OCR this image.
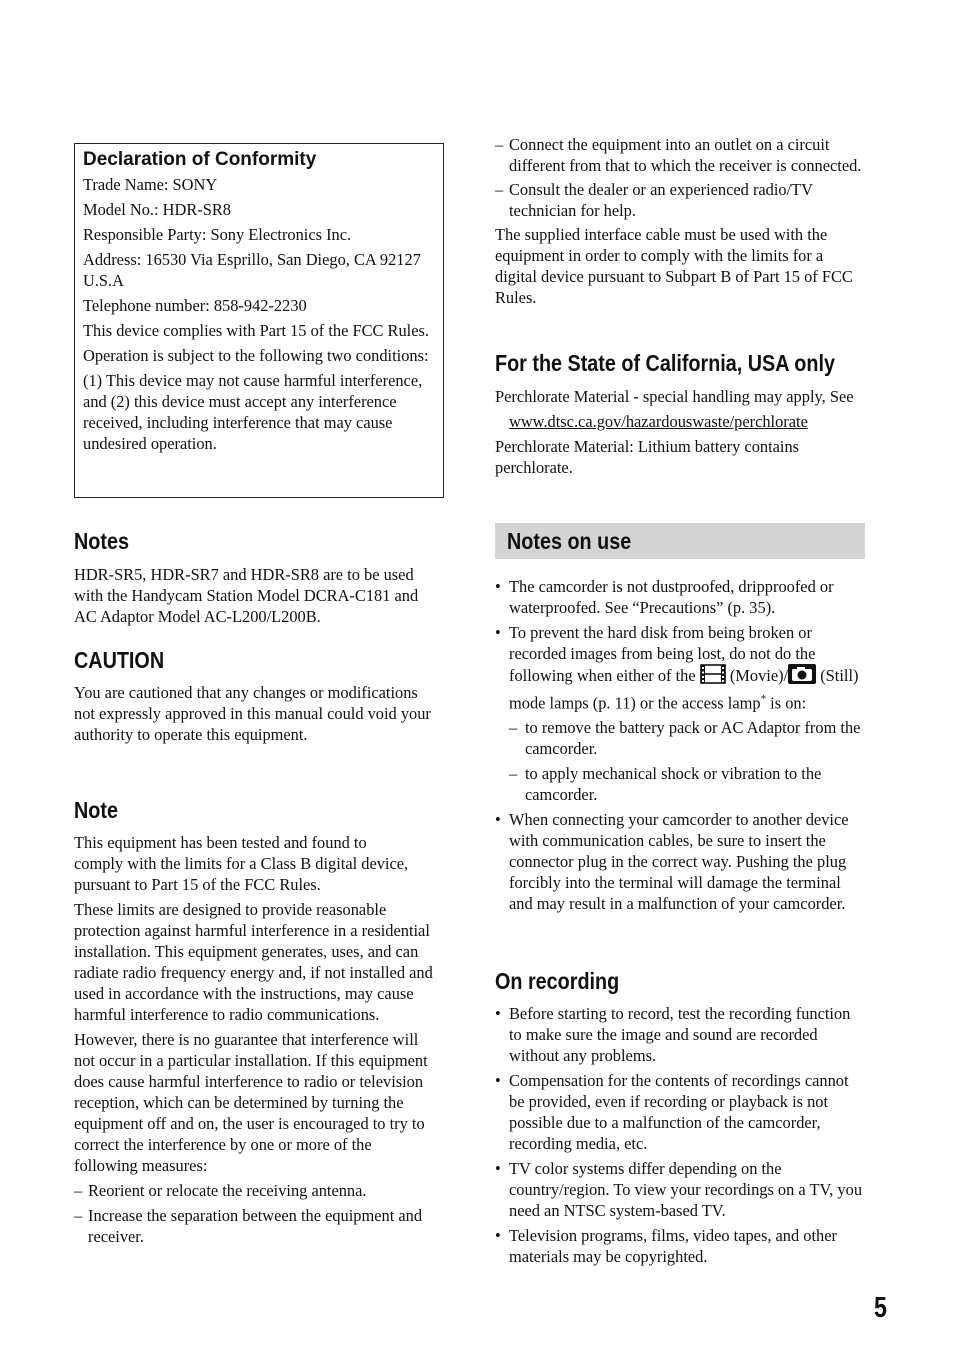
Declaration of Conformity

Trade Name: SONY

Model No.: HDR-SR8

Responsible Party: Sony Electronics Inc.

Address: 16530 Via Esprillo, San Diego, CA 92127 U.S.A

Telephone number: 858-942-2230

This device complies with Part 15 of the FCC Rules.

Operation is subject to the following two conditions:

(1) This device may not cause harmful interference, and (2) this device must accept any interference received, including interference that may cause undesired operation.

Notes

HDR-SR5, HDR-SR7 and HDR-SR8 are to be used with the Handycam Station Model DCRA-C181 and AC Adaptor Model AC-L200/L200B.

CAUTION

You are cautioned that any changes or modifications not expressly approved in this manual could void your authority to operate this equipment.

Note

This equipment has been tested and found to comply with the limits for a Class B digital device, pursuant to Part 15 of the FCC Rules.

These limits are designed to provide reasonable protection against harmful interference in a residential installation. This equipment generates, uses, and can radiate radio frequency energy and, if not installed and used in accordance with the instructions, may cause harmful interference to radio communications.

However, there is no guarantee that interference will not occur in a particular installation. If this equipment does cause harmful interference to radio or television reception, which can be determined by turning the equipment off and on, the user is encouraged to try to correct the interference by one or more of the following measures:

– Reorient or relocate the receiving antenna.

– Increase the separation between the equipment and receiver.

– Connect the equipment into an outlet on a circuit different from that to which the receiver is connected.

– Consult the dealer or an experienced radio/TV technician for help.

The supplied interface cable must be used with the equipment in order to comply with the limits for a digital device pursuant to Subpart B of Part 15 of FCC Rules.

For the State of California, USA only

Perchlorate Material - special handling may apply, See

www.dtsc.ca.gov/hazardouswaste/perchlorate

Perchlorate Material: Lithium battery contains perchlorate.

Notes on use
• The camcorder is not dustproofed, dripproofed or waterproofed. See “Precautions” (p. 35).
• To prevent the hard disk from being broken or recorded images from being lost, do not do the following when either of the (Movie)/ (Still) mode lamps (p. 11) or the access lamp* is on:
– to remove the battery pack or AC Adaptor from the camcorder.
– to apply mechanical shock or vibration to the camcorder.
• When connecting your camcorder to another device with communication cables, be sure to insert the connector plug in the correct way. Pushing the plug forcibly into the terminal will damage the terminal and may result in a malfunction of your camcorder.
On recording
• Before starting to record, test the recording function to make sure the image and sound are recorded without any problems.
• Compensation for the contents of recordings cannot be provided, even if recording or playback is not possible due to a malfunction of the camcorder, recording media, etc.
• TV color systems differ depending on the country/region. To view your recordings on a TV, you need an NTSC system-based TV.
• Television programs, films, video tapes, and other materials may be copyrighted.
5
